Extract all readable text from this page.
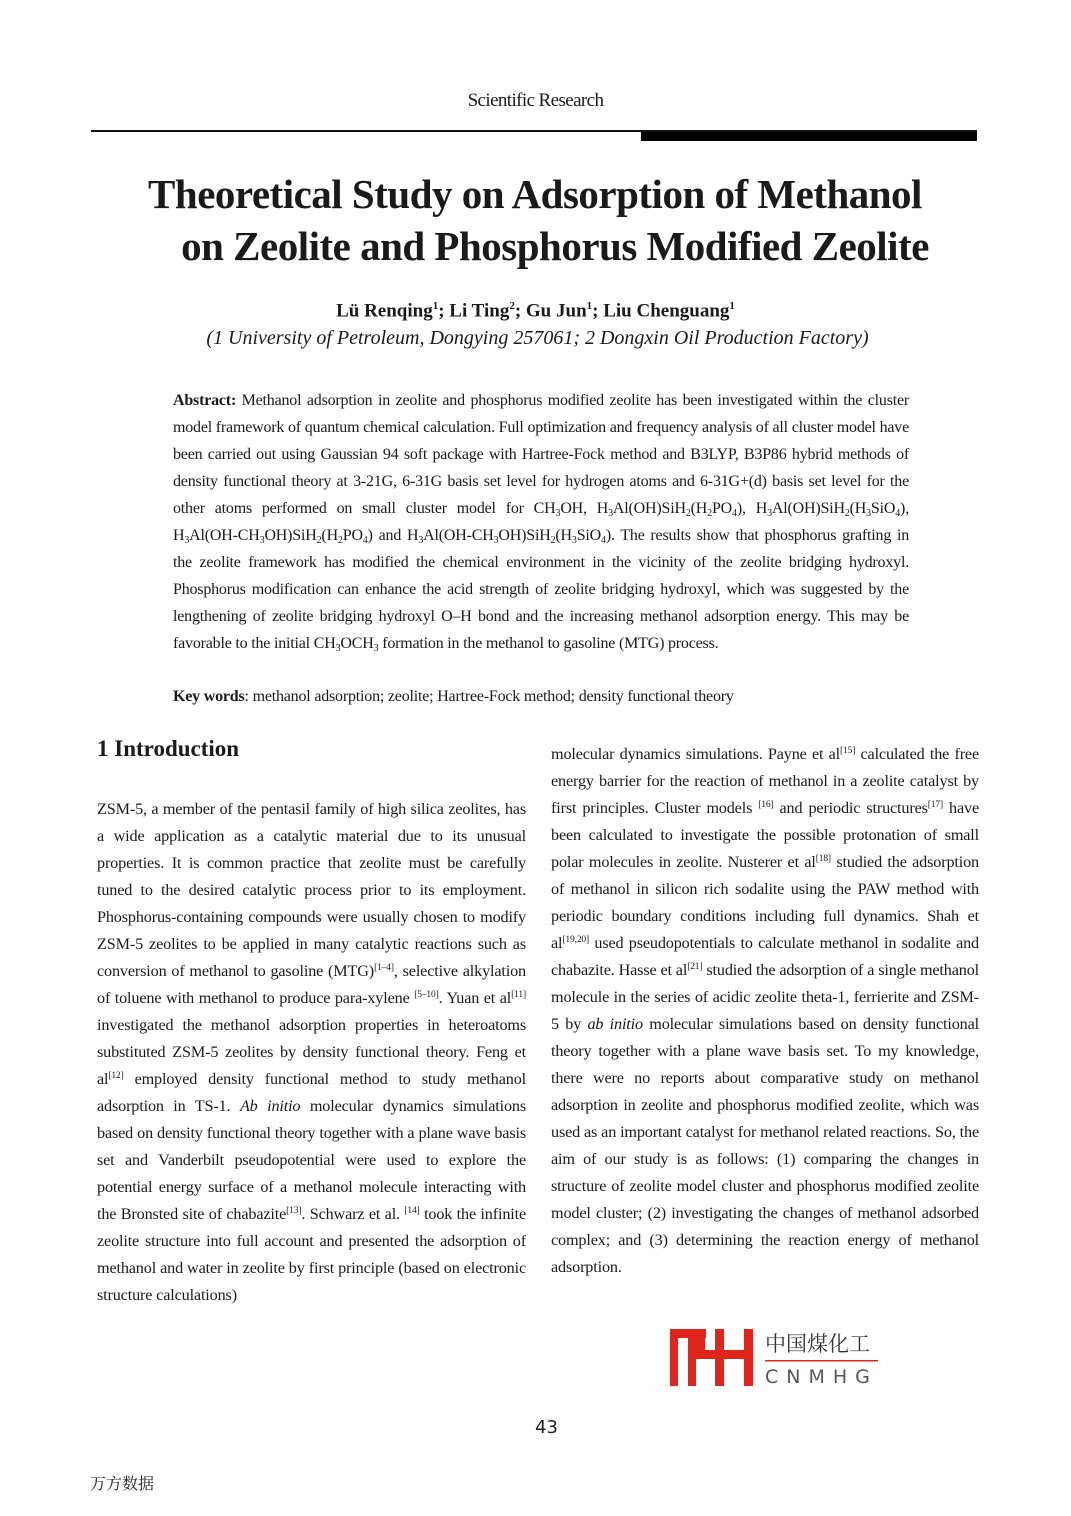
Scientific Research
Theoretical Study on Adsorption of Methanol
on Zeolite and Phosphorus Modified Zeolite
Lü Renqing$^1$; Li Ting$^2$; Gu Jun$^1$; Liu Chenguang$^1$
(1 University of Petroleum, Dongying 257061; 2 Dongxin Oil Production Factory)
Abstract: Methanol adsorption in zeolite and phosphorus modified zeolite has been investigated within the cluster model framework of quantum chemical calculation. Full optimization and frequency analysis of all cluster model have been carried out using Gaussian 94 soft package with Hartree-Fock method and B3LYP, B3P86 hybrid methods of density functional theory at 3-21G, 6-31G basis set level for hydrogen atoms and 6-31G+(d) basis set level for the other atoms performed on small cluster model for $CH_3OH$, $H_3Al(OH)SiH_2(H_2PO_4)$, $H_3Al(OH)SiH_2(H_3SiO_4)$, $H_3Al(OH-CH_3OH)SiH_2(H_2PO_4)$ and $H_3Al(OH-CH_3OH)SiH_2(H_3SiO_4)$. The results show that phosphorus grafting in the zeolite framework has modified the chemical environment in the vicinity of the zeolite bridging hydroxyl. Phosphorus modification can enhance the acid strength of zeolite bridging hydroxyl, which was suggested by the lengthening of zeolite bridging hydroxyl O–H bond and the increasing methanol adsorption energy. This may be favorable to the initial $CH_3OCH_3$ formation in the methanol to gasoline (MTG) process.
Key words: methanol adsorption; zeolite; Hartree-Fock method; density functional theory
1 Introduction
ZSM-5, a member of the pentasil family of high silica zeolites, has a wide application as a catalytic material due to its unusual properties. It is common practice that zeolite must be carefully tuned to the desired catalytic process prior to its employment. Phosphorus-containing compounds were usually chosen to modify ZSM-5 zeolites to be applied in many catalytic reactions such as conversion of methanol to gasoline (MTG)[1–4], selective alkylation of toluene with methanol to produce para-xylene [5–10]. Yuan et al[11] investigated the methanol adsorption properties in heteroatoms substituted ZSM-5 zeolites by density functional theory. Feng et al[12] employed density functional method to study methanol adsorption in TS-1. Ab initio molecular dynamics simulations based on density functional theory together with a plane wave basis set and Vanderbilt pseudopotential were used to explore the potential energy surface of a methanol molecule interacting with the Bronsted site of chabazite[13]. Schwarz et al. [14] took the infinite zeolite structure into full account and presented the adsorption of methanol and water in zeolite by first principle (based on electronic structure calculations)
molecular dynamics simulations. Payne et al[15] calculated the free energy barrier for the reaction of methanol in a zeolite catalyst by first principles. Cluster models [16] and periodic structures[17] have been calculated to investigate the possible protonation of small polar molecules in zeolite. Nusterer et al[18] studied the adsorption of methanol in silicon rich sodalite using the PAW method with periodic boundary conditions including full dynamics. Shah et al[19,20] used pseudopotentials to calculate methanol in sodalite and chabazite. Hasse et al[21] studied the adsorption of a single methanol molecule in the series of acidic zeolite theta-1, ferrierite and ZSM-5 by ab initio molecular simulations based on density functional theory together with a plane wave basis set. To my knowledge, there were no reports about comparative study on methanol adsorption in zeolite and phosphorus modified zeolite, which was used as an important catalyst for methanol related reactions. So, the aim of our study is as follows: (1) comparing the changes in structure of zeolite model cluster and phosphorus modified zeolite model cluster; (2) investigating the changes of methanol adsorbed complex; and (3) determining the reaction energy of methanol adsorption.
中国煤化工
CNMHG
43
万方数据
